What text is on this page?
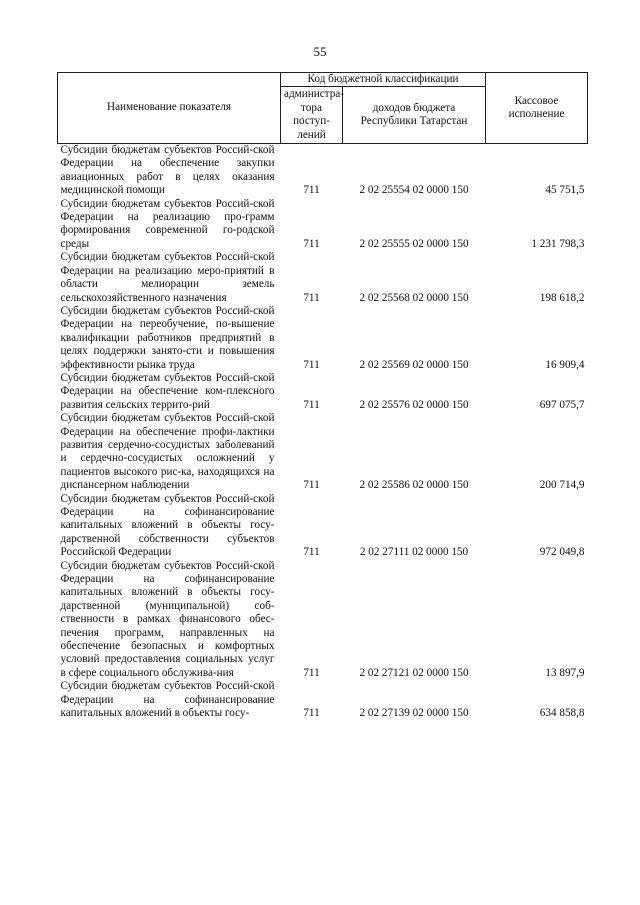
55
Наименование показателя	Код бюджетной классификации		Кассовое исполнение
	администра-тора поступ-лений	доходов бюджета Республики Татарстан	
Субсидии бюджетам субъектов Россий-ской Федерации на обеспечение закупки авиационных работ в целях оказания медицинской помощи	711	2 02 25554 02 0000 150	45 751,5
Субсидии бюджетам субъектов Россий-ской Федерации на реализацию про-грамм формирования современной го-родской среды	711	2 02 25555 02 0000 150	1 231 798,3
Субсидии бюджетам субъектов Россий-ской Федерации на реализацию меро-приятий в области мелиорации земель сельскохозяйственного назначения	711	2 02 25568 02 0000 150	198 618,2
Субсидии бюджетам субъектов Россий-ской Федерации на переобучение, по-вышение квалификации работников предприятий в целях поддержки занято-сти и повышения эффективности рынка труда	711	2 02 25569 02 0000 150	16 909,4
Субсидии бюджетам субъектов Россий-ской Федерации на обеспечение ком-плексного развития сельских террито-рий	711	2 02 25576 02 0000 150	697 075,7
Субсидии бюджетам субъектов Россий-ской Федерации на обеспечение профи-лактики развития сердечно-сосудистых заболеваний и сердечно-сосудистых осложнений у пациентов высокого рис-ка, находящихся на диспансерном наблюдении	711	2 02 25586 02 0000 150	200 714,9
Субсидии бюджетам субъектов Россий-ской Федерации на софинансирование капитальных вложений в объекты госу-дарственной собственности субъектов Российской Федерации	711	2 02 27111 02 0000 150	972 049,8
Субсидии бюджетам субъектов Россий-ской Федерации на софинансирование капитальных вложений в объекты госу-дарственной (муниципальной) соб-ственности в рамках финансового обес-печения программ, направленных на обеспечение безопасных и комфортных условий предоставления социальных услуг в сфере социального обслужива-ния	711	2 02 27121 02 0000 150	13 897,9
Субсидии бюджетам субъектов Россий-ской Федерации на софинансирование капитальных вложений в объекты госу-	711	2 02 27139 02 0000 150	634 858,8
